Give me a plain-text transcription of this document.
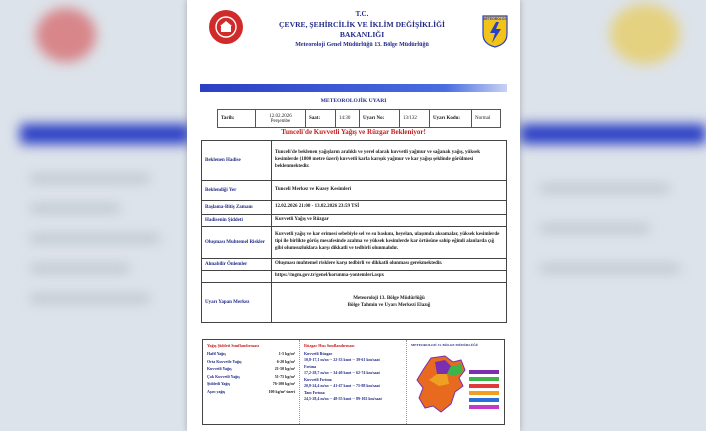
T.C.
ÇEVRE, ŞEHİRCİLİK VE İKLİM DEĞİŞİKLİĞİ
BAKANLIĞI
Meteoroloji Genel Müdürlüğü 13. Bölge Müdürlüğü
METEOROLOJİ
METEOROLOJİK UYARI
Tarih:	12.02.2026
Perşembe	Saat:	14:30	Uyarı No:	13/132	Uyarı Kodu:	Normal
Tunceli'de Kuvvetli Yağış ve Rüzgar Bekleniyor!
Beklenen Hadise	Tunceli'de beklenen yağışların aralıklı ve yerel olarak kuvvetli yağmur ve sağanak yağış, yüksek kesimlerde (1800 metre üzeri) kuvvetli karla karışık yağmur ve kar yağışı şeklinde görülmesi beklenmektedir.
Beklendiği Yer	Tunceli Merkez ve Kuzey Kesimleri
Başlama-Bitiş Zamanı	12.02.2026 21:00 - 13.02.2026 23:59 TSİ
Hadisenin Şiddeti	Kuvvetli Yağış ve Rüzgar
Oluşması Muhtemel Riskler	Kuvvetli yağış ve kar erimesi sebebiyle sel ve su baskını, heyelan, ulaşımda aksamalar, yüksek kesimlerde tipi ile birlikte görüş mesafesinde azalma ve yüksek kesimlerde kar örtüsüne sahip eğimli alanlarda çığ gibi olumsuzluklara karşı dikkatli ve tedbirli olunmalıdır.
Alınabilir Önlemler	Oluşması muhtemel risklere karşı tedbirli ve dikkatli olunması gerekmektedir.
	https://mgm.gov.tr/genel/korunma-yontemleri.aspx
Uyarı Yapan Merkez	Meteoroloji 13. Bölge Müdürlüğü
Bölge Tahmin ve Uyarı Merkezi Elazığ
Yağış Şiddeti Sınıflandırması
Hafif Yağış	1-5 kg/m²
Orta Kuvvetle Yağış	6-20 kg/m²
Kuvvetli Yağış	21-50 kg/m²
Çok Kuvvetli Yağış	51-75 kg/m²
Şiddetli Yağış	76-100 kg/m²
Aşırı yağış	100 kg/m² üzeri
Rüzgar Hızı Sınıflandırması
Kuvvetli Rüzgar
10,8-17,1 m/sn -- 22-33 knot -- 39-61 km/saat
Fırtına
17,2-28,7 m/sn -- 34-40 knot -- 62-74 km/saat
Kuvvetli Fırtına
20,8-24,4 m/sn -- 41-47 knot -- 75-88 km/saat
Tam Fırtına
24,5-28,4 m/sn -- 48-55 knot -- 89-102 km/saat
METEOROLOJİ 13. BÖLGE MÜDÜRLÜĞÜ
